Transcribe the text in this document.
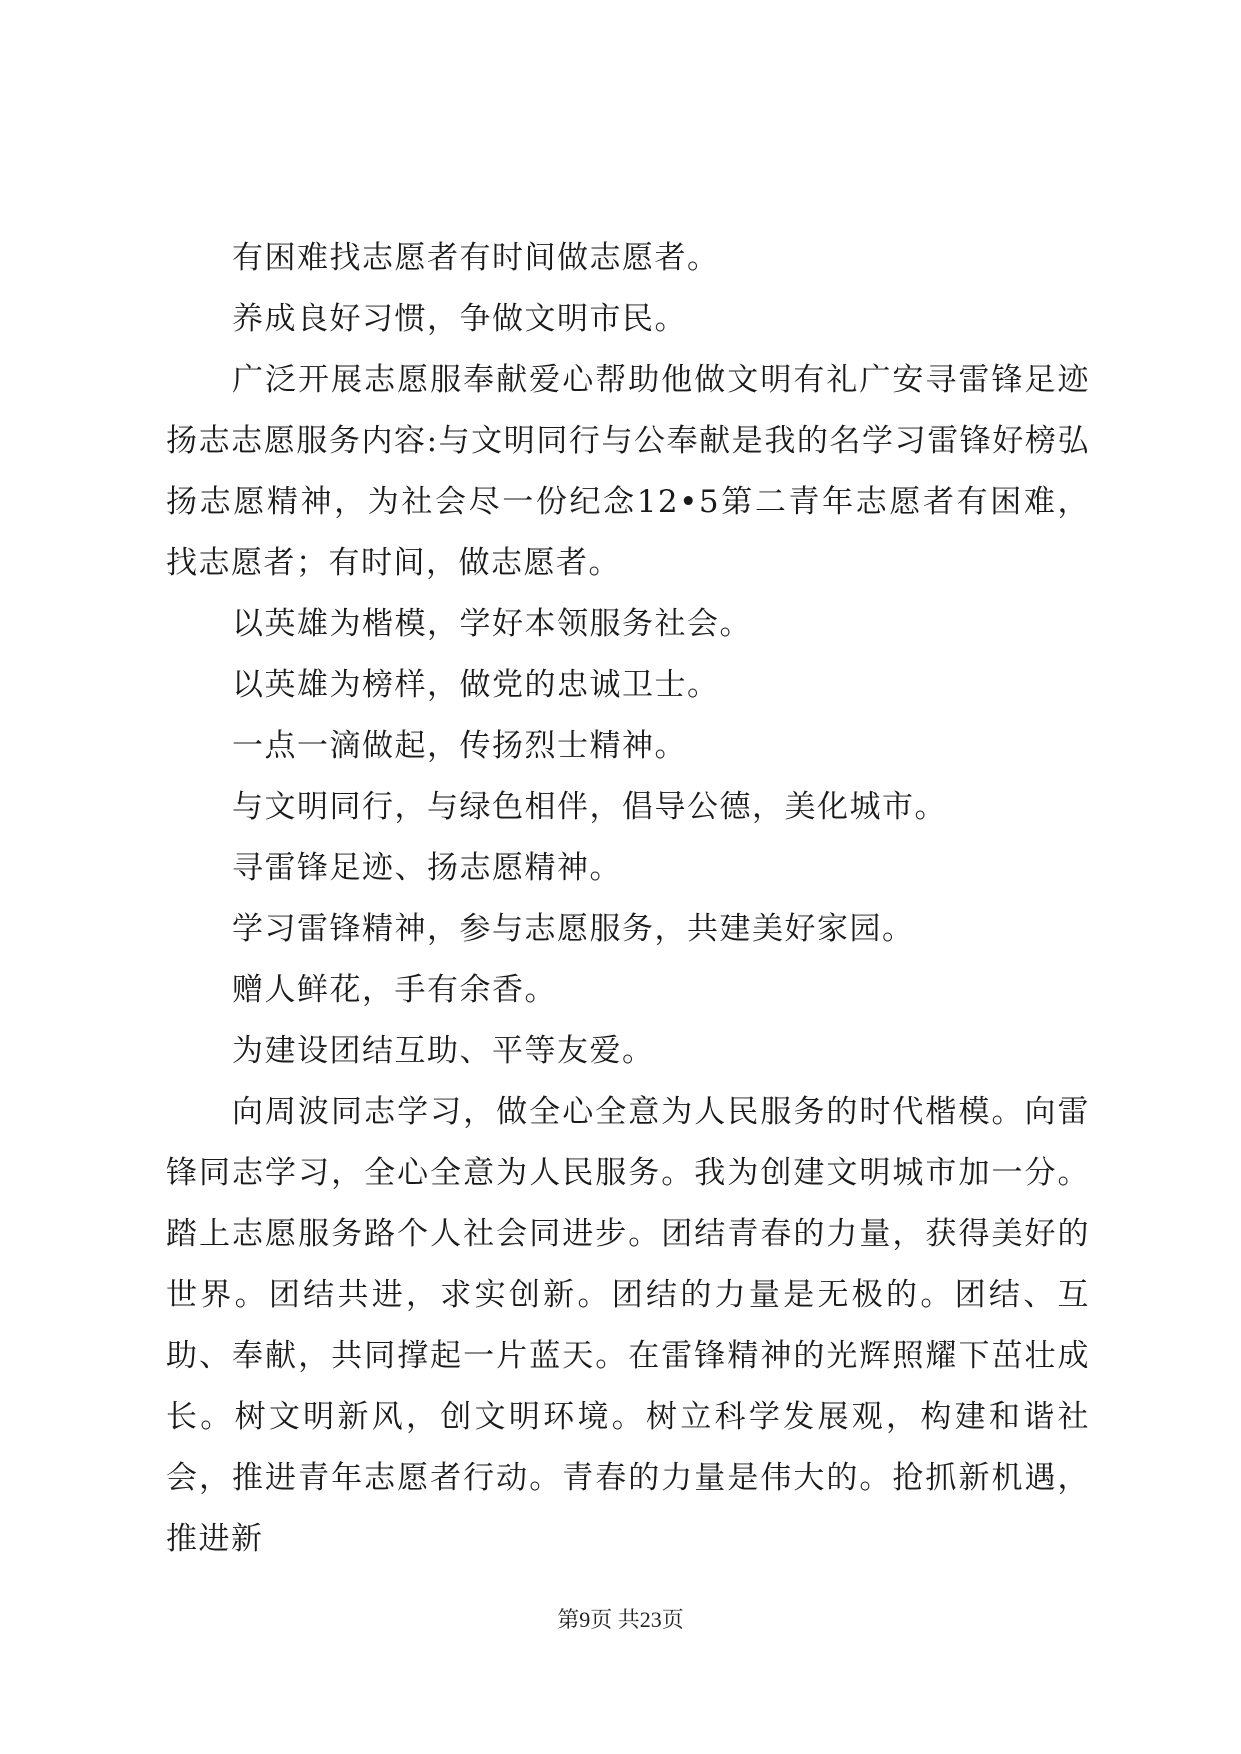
有困难找志愿者有时间做志愿者。

养成良好习惯，争做文明市民。

广泛开展志愿服奉献爱心帮助他做文明有礼广安寻雷锋足迹扬志志愿服务内容:与文明同行与公奉献是我的名学习雷锋好榜弘扬志愿精神，为社会尽一份纪念12•5第二青年志愿者有困难，找志愿者；有时间，做志愿者。

以英雄为楷模，学好本领服务社会。

以英雄为榜样，做党的忠诚卫士。

一点一滴做起，传扬烈士精神。

与文明同行，与绿色相伴，倡导公德，美化城市。

寻雷锋足迹、扬志愿精神。

学习雷锋精神，参与志愿服务，共建美好家园。

赠人鲜花，手有余香。

为建设团结互助、平等友爱。

向周波同志学习，做全心全意为人民服务的时代楷模。向雷锋同志学习，全心全意为人民服务。我为创建文明城市加一分。踏上志愿服务路个人社会同进步。团结青春的力量，获得美好的世界。团结共进，求实创新。团结的力量是无极的。团结、互助、奉献，共同撑起一片蓝天。在雷锋精神的光辉照耀下茁壮成长。树文明新风，创文明环境。树立科学发展观，构建和谐社会，推进青年志愿者行动。青春的力量是伟大的。抢抓新机遇，推进新

第9页 共23页
